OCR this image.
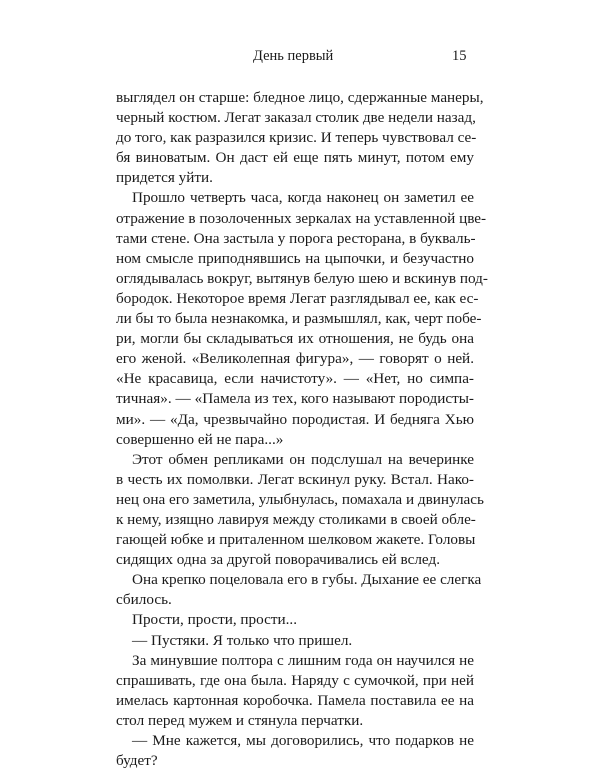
День первый	15
выглядел он старше: бледное лицо, сдержанные манеры,
черный костюм. Легат заказал столик две недели назад,
до того, как разразился кризис. И теперь чувствовал се-
бя виноватым. Он даст ей еще пять минут, потом ему
придется уйти.
Прошло четверть часа, когда наконец он заметил ее
отражение в позолоченных зеркалах на уставленной цве-
тами стене. Она застыла у порога ресторана, в букваль-
ном смысле приподнявшись на цыпочки, и безучастно
оглядывалась вокруг, вытянув белую шею и вскинув под-
бородок. Некоторое время Легат разглядывал ее, как ес-
ли бы то была незнакомка, и размышлял, как, черт побе-
ри, могли бы складываться их отношения, не будь она
его женой. «Великолепная фигура», — говорят о ней.
«Не красавица, если начистоту». — «Нет, но симпа-
тичная». — «Памела из тех, кого называют породисты-
ми». — «Да, чрезвычайно породистая. И бедняга Хью
совершенно ей не пара...»
Этот обмен репликами он подслушал на вечеринке
в честь их помолвки. Легат вскинул руку. Встал. Нако-
нец она его заметила, улыбнулась, помахала и двинулась
к нему, изящно лавируя между столиками в своей обле-
гающей юбке и приталенном шелковом жакете. Головы
сидящих одна за другой поворачивались ей вслед.
Она крепко поцеловала его в губы. Дыхание ее слегка
сбилось.
Прости, прости, прости...
— Пустяки. Я только что пришел.
За минувшие полтора с лишним года он научился не
спрашивать, где она была. Наряду с сумочкой, при ней
имелась картонная коробочка. Памела поставила ее на
стол перед мужем и стянула перчатки.
— Мне кажется, мы договорились, что подарков не
будет?
